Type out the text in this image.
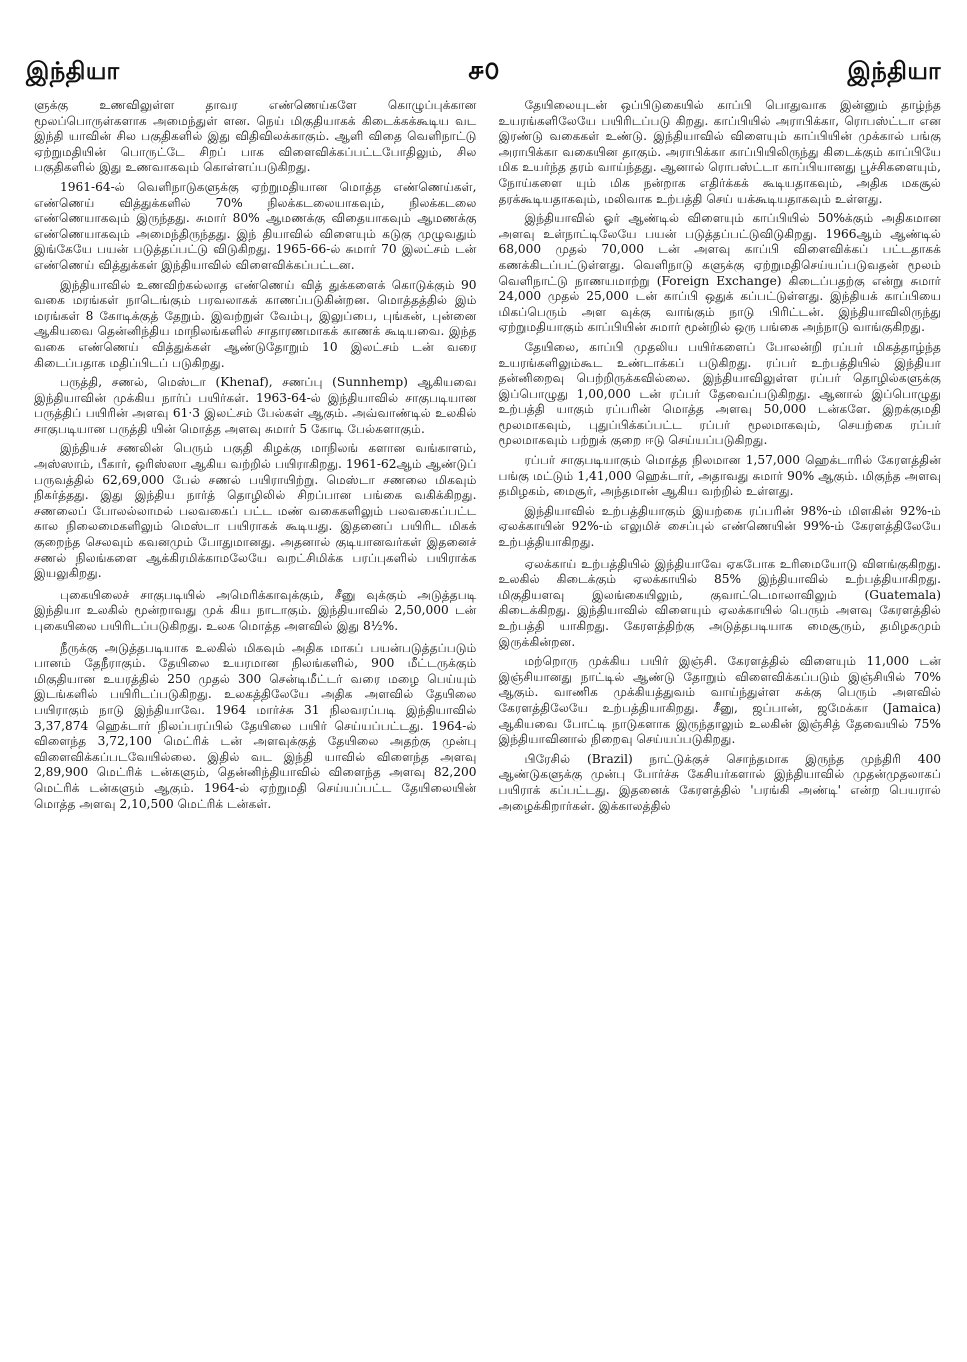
இந்தியா	௪௦	இந்தியா

ளுக்கு உணவிலுள்ள தாவர எண்ணெய்களே கொழுப்புக்கான மூலப்பொருள்களாக அமைந்துள் ளன. நெய் மிகுதியாகக் கிடைக்கக்கூடிய வட இந்தி யாவின் சில பகுதிகளில் இது விதிவிலக்காகும். ஆளி விதை வெளிநாட்டு ஏற்றுமதியின் பொருட்டே சிறப் பாக விளைவிக்கப்பட்டபோதிலும், சில பகுதிகளில் இது உணவாகவும் கொள்ளப்படுகிறது.

1961-64-ல் வெளிநாடுகளுக்கு ஏற்றுமதியான மொத்த எண்ணெய்கள், எண்ணெய் வித்துக்களில் 70% நிலக்கடலையாகவும், நிலக்கடலை எண்ணெயாகவும் இருந்தது. சுமார் 80% ஆமணக்கு விதையாகவும் ஆமணக்கு எண்ணெயாகவும் அமைந்திருந்தது. இந் தியாவில் விளையும் கடுகு முழுவதும் இங்கேயே பயன் படுத்தப்பட்டு விடுகிறது. 1965-66-ல் சுமார் 70 இலட்சம் டன் எண்ணெய் வித்துக்கள் இந்தியாவில் விளைவிக்கப்பட்டன.

இந்தியாவில் உணவிற்கல்லாத எண்ணெய் வித் துக்களைக் கொடுக்கும் 90 வகை மரங்கள் நாடெங்கும் பரவலாகக் காணப்படுகின்றன. மொத்தத்தில் இம் மரங்கள் 8 கோடிக்குத் தேறும். இவற்றுள் வேம்பு, இலுப்பை, புங்கன், புன்னை ஆகியவை தென்னிந்திய மாநிலங்களில் சாதாரணமாகக் காணக் கூடியவை. இந்த வகை எண்ணெய் வித்துக்கள் ஆண்டுதோறும் 10 இலட்சம் டன் வரை கிடைப்பதாக மதிப்பிடப் படுகிறது.

பருத்தி, சணல், மெஸ்டா (Khenaf), சணப்பு (Sunnhemp) ஆகியவை இந்தியாவின் முக்கிய நார்ப் பயிர்கள். 1963-64-ல் இந்தியாவில் சாகுபடியான பருத்திப் பயிரின் அளவு 61·3 இலட்சம் பேல்கள் ஆகும். அவ்வாண்டில் உலகில் சாகுபடியான பருத்தி யின் மொத்த அளவு சுமார் 5 கோடி பேல்களாகும்.

இந்தியச் சணலின் பெரும் பகுதி கிழக்கு மாநிலங் களான வங்காளம், அஸ்ஸாம், பீகார், ஒரிஸ்ஸா ஆகிய வற்றில் பயிராகிறது. 1961-62ஆம் ஆண்டுப் பருவத்தில் 62,69,000 பேல் சணல் பயிராயிற்று. மெஸ்டா சணலை மிகவும் நிகர்த்தது. இது இந்திய நார்த் தொழிலில் சிறப்பான பங்கை வகிக்கிறது. சணலைப் போலல்லாமல் பலவகைப் பட்ட மண் வகைகளிலும் பலவகைப்பட்ட கால நிலைமைகளிலும் மெஸ்டா பயிராகக் கூடியது. இதனைப் பயிரிட மிகக் குறைந்த செலவும் கவனமும் போதுமானது. அதனால் குடியானவர்கள் இதனைச் சணல் நிலங்களை ஆக்கிரமிக்காமலேயே வறட்சிமிக்க பரப்புகளில் பயிராக்க இயலுகிறது.

புகையிலைச் சாகுபடியில் அமெரிக்காவுக்கும், சீனு வுக்கும் அடுத்தபடி இந்தியா உலகில் மூன்றாவது முக் கிய நாடாகும். இந்தியாவில் 2,50,000 டன் புகையிலை பயிரிடப்படுகிறது. உலக மொத்த அளவில் இது 8½%.

நீருக்கு அடுத்தபடியாக உலகில் மிகவும் அதிக மாகப் பயன்படுத்தப்படும் பானம் தேநீராகும். தேயிலை உயரமான நிலங்களில், 900 மீட்டருக்கும் மிகுதியான உயரத்தில் 250 முதல் 300 சென்டிமீட்டர் வரை மழை பெய்யும் இடங்களில் பயிரிடப்படுகிறது. உலகத்திலேயே அதிக அளவில் தேயிலை பயிராகும் நாடு இந்தியாவே. 1964 மார்ச்சு 31 நிலவரப்படி இந்தியாவில் 3,37,874 ஹெக்டார் நிலப்பரப்பில் தேயிலை பயிர் செய்யப்பட்டது. 1964-ல் விளைந்த 3,72,100 மெட்ரிக் டன் அளவுக்குத் தேயிலை அதற்கு முன்பு விளைவிக்கப்படவேயில்லை. இதில் வட இந்தி யாவில் விளைந்த அளவு 2,89,900 மெட்ரிக் டன்களும், தென்னிந்தியாவில் விளைந்த அளவு 82,200 மெட்ரிக் டன்களும் ஆகும். 1964-ல் ஏற்றுமதி செய்யப்பட்ட தேயிலையின் மொத்த அளவு 2,10,500 மெட்ரிக் டன்கள்.

தேயிலையுடன் ஒப்பிடுகையில் காப்பி பொதுவாக இன்னும் தாழ்ந்த உயரங்களிலேயே பயிரிடப்படு கிறது. காப்பியில் அராபிக்கா, ரொபஸ்ட்டா என இரண்டு வகைகள் உண்டு. இந்தியாவில் விளையும் காப்பியின் முக்கால் பங்கு அராபிக்கா வகையின தாகும். அராபிக்கா காப்பியிலிருந்து கிடைக்கும் காப்பியே மிக உயர்ந்த தரம் வாய்ந்தது. ஆனால் ரொபஸ்ட்டா காப்பியானது பூச்சிகளையும், நோய்களை யும் மிக நன்றாக எதிர்க்கக் கூடியதாகவும், அதிக மகசூல் தரக்கூடியதாகவும், மலிவாக உற்பத்தி செய் யக்கூடியதாகவும் உள்ளது.

இந்தியாவில் ஓர் ஆண்டில் விளையும் காப்பியில் 50%க்கும் அதிகமான அளவு உள்நாட்டிலேயே பயன் படுத்தப்பட்டுவிடுகிறது. 1966ஆம் ஆண்டில் 68,000 முதல் 70,000 டன் அளவு காப்பி விளைவிக்கப் பட்டதாகக் கணக்கிடப்பட்டுள்ளது. வெளிநாடு களுக்கு ஏற்றுமதிசெய்யப்படுவதன் மூலம் வெளிநாட்டு நாணயமாற்று (Foreign Exchange) கிடைப்பதற்கு என்று சுமார் 24,000 முதல் 25,000 டன் காப்பி ஒதுக் கப்பட்டுள்ளது. இந்தியக் காப்பியை மிகப்பெரும் அள வுக்கு வாங்கும் நாடு பிரிட்டன். இந்தியாவிலிருந்து ஏற்றுமதியாகும் காப்பியின் சுமார் மூன்றில் ஒரு பங்கை அந்நாடு வாங்குகிறது.

தேயிலை, காப்பி முதலிய பயிர்களைப் போலன்றி ரப்பர் மிகத்தாழ்ந்த உயரங்களிலும்கூட உண்டாக்கப் படுகிறது. ரப்பர் உற்பத்தியில் இந்தியா தன்னிறைவு பெற்றிருக்கவில்லை. இந்தியாவிலுள்ள ரப்பர் தொழில்களுக்கு இப்பொழுது 1,00,000 டன் ரப்பர் தேவைப்படுகிறது. ஆனால் இப்பொழுது உற்பத்தி யாகும் ரப்பரின் மொத்த அளவு 50,000 டன்களே. இறக்குமதி மூலமாகவும், புதுப்பிக்கப்பட்ட ரப்பர் மூலமாகவும், செயற்கை ரப்பர் மூலமாகவும் பற்றுக் குறை ஈடு செய்யப்படுகிறது.

ரப்பர் சாகுபடியாகும் மொத்த நிலமான 1,57,000 ஹெக்டாரில் கேரளத்தின் பங்கு மட்டும் 1,41,000 ஹெக்டார், அதாவது சுமார் 90% ஆகும். மிகுந்த அளவு தமிழகம், மைசூர், அந்தமான் ஆகிய வற்றில் உள்ளது.

இந்தியாவில் உற்பத்தியாகும் இயற்கை ரப்பரின் 98%-ம் மிளகின் 92%-ம் ஏலக்காயின் 92%-ம் எலுமிச் சைப்புல் எண்ணெயின் 99%-ம் கேரளத்திலேயே உற்பத்தியாகிறது.

ஏலக்காய் உற்பத்தியில் இந்தியாவே ஏகபோக உரிமையோடு விளங்குகிறது. உலகில் கிடைக்கும் ஏலக்காயில் 85% இந்தியாவில் உற்பத்தியாகிறது. மிகுதியளவு இலங்கையிலும், குவாட்டெமாலாவிலும் (Guatemala) கிடைக்கிறது. இந்தியாவில் விளையும் ஏலக்காயில் பெரும் அளவு கேரளத்தில் உற்பத்தி யாகிறது. கேரளத்திற்கு அடுத்தபடியாக மைசூரும், தமிழகமும் இருக்கின்றன.

மற்றொரு முக்கிய பயிர் இஞ்சி. கேரளத்தில் விளையும் 11,000 டன் இஞ்சியானது நாட்டில் ஆண்டு தோறும் விளைவிக்கப்படும் இஞ்சியில் 70% ஆகும். வாணிக முக்கியத்துவம் வாய்ந்துள்ள சுக்கு பெரும் அளவில் கேரளத்திலேயே உற்பத்தியாகிறது. சீனு, ஜப்பான், ஜமேக்கா (Jamaica) ஆகியவை போட்டி நாடுகளாக இருந்தாலும் உலகின் இஞ்சித் தேவையில் 75% இந்தியாவினால் நிறைவு செய்யப்படுகிறது.

பிரேசில் (Brazil) நாட்டுக்குச் சொந்தமாக இருந்த முந்திரி 400 ஆண்டுகளுக்கு முன்பு போர்ச்சு கேசியர்களால் இந்தியாவில் முதன்முதலாகப் பயிராக் கப்பட்டது. இதனைக் கேரளத்தில் 'பரங்கி அண்டி' என்ற பெயரால் அழைக்கிறார்கள். இக்காலத்தில்
